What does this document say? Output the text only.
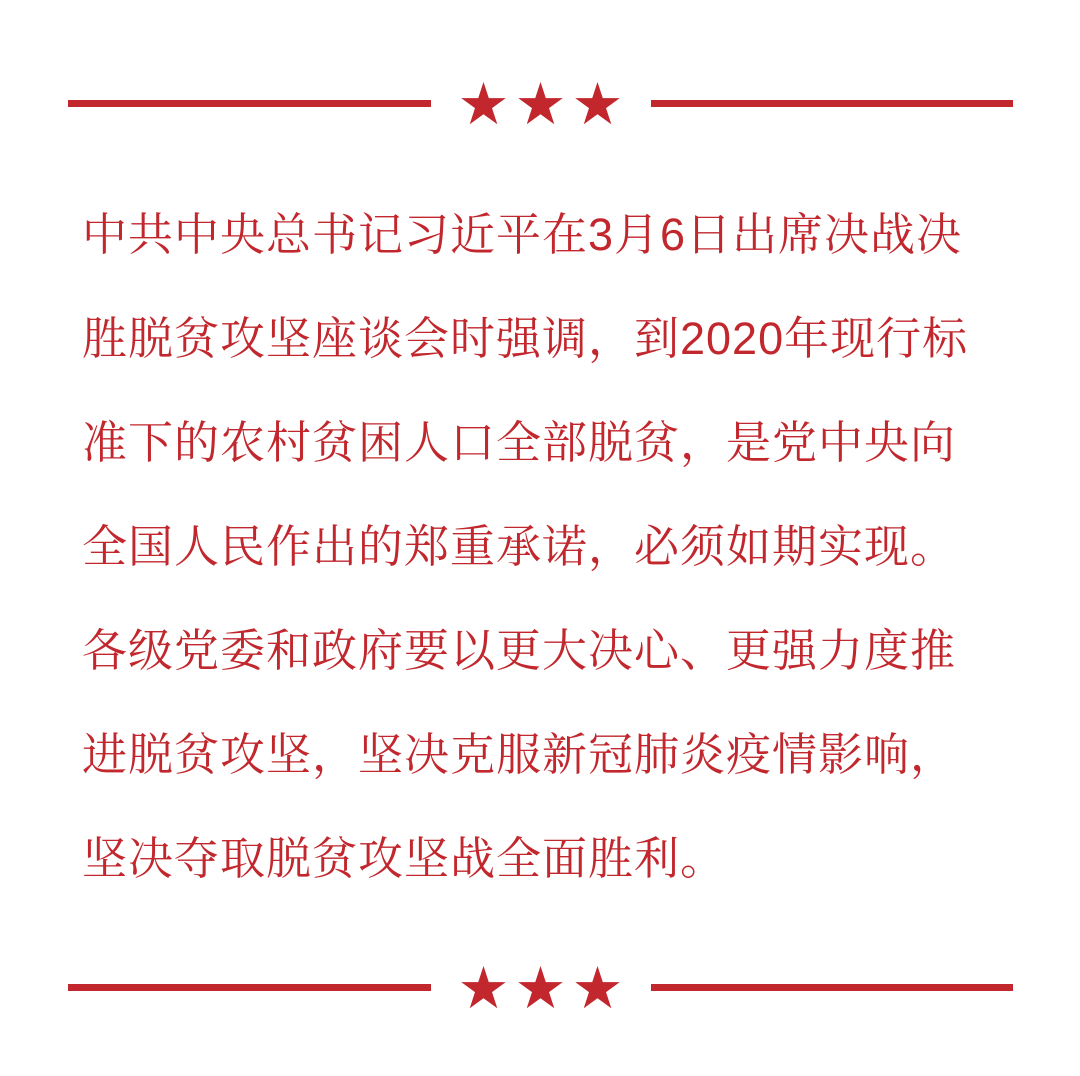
★ ★ ★
中共中央总书记习近平在3月6日出席决战决
胜脱贫攻坚座谈会时强调，到2020年现行标
准下的农村贫困人口全部脱贫，是党中央向
全国人民作出的郑重承诺，必须如期实现。
各级党委和政府要以更大决心、更强力度推
进脱贫攻坚，坚决克服新冠肺炎疫情影响，
坚决夺取脱贫攻坚战全面胜利。
★ ★ ★
